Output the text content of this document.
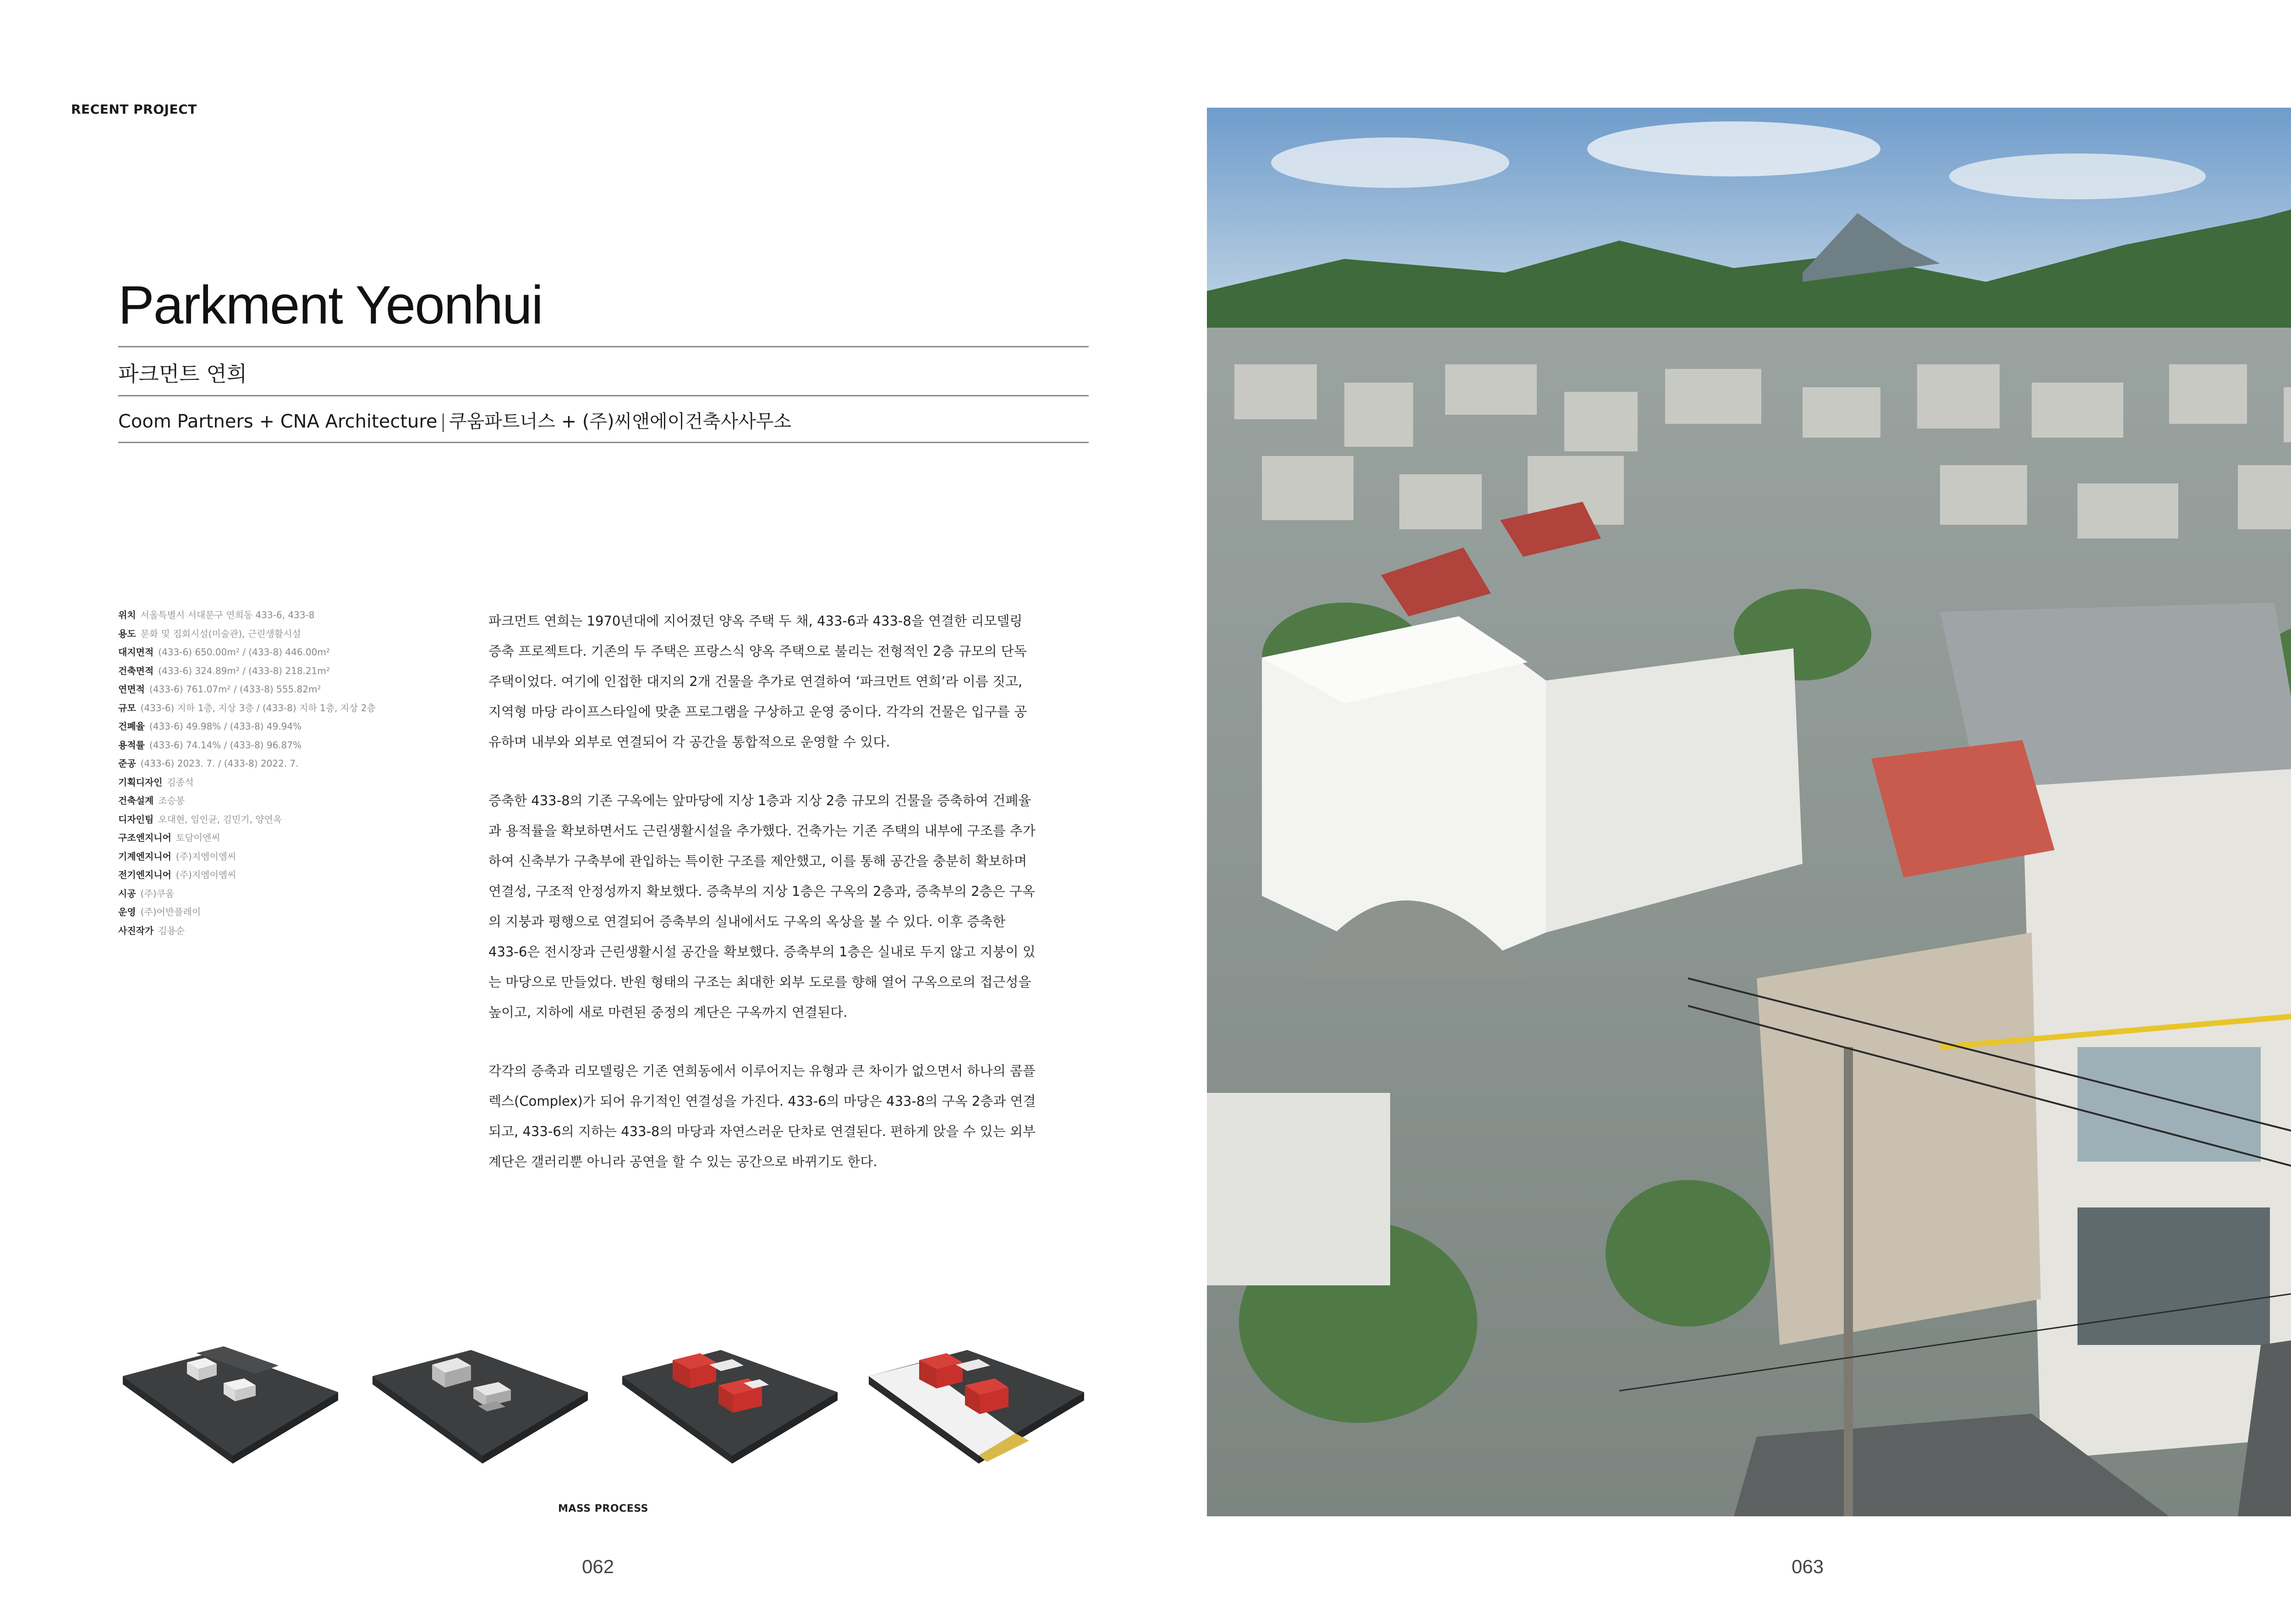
RECENT PROJECT
Parkment Yeonhui
파크먼트 연희
Coom Partners + CNA Architecture | 쿠움파트너스 + (주)씨앤에이건축사사무소
위치 서울특별시 서대문구 연희동 433-6, 433-8
용도 문화 및 집회시설(미술관), 근린생활시설
대지면적 (433-6) 650.00m² / (433-8) 446.00m²
건축면적 (433-6) 324.89m² / (433-8) 218.21m²
연면적 (433-6) 761.07m² / (433-8) 555.82m²
규모 (433-6) 지하 1층, 지상 3층 / (433-8) 지하 1층, 지상 2층
건폐율 (433-6) 49.98% / (433-8) 49.94%
용적률 (433-6) 74.14% / (433-8) 96.87%
준공 (433-6) 2023. 7. / (433-8) 2022. 7.
기획디자인 김종석
건축설계 조승봉
디자인팀 오대현, 임인균, 김민기, 양연옥
구조엔지니어 토담이엔씨
기계엔지니어 (주)지엠이엠씨
전기엔지니어 (주)지엠이엠씨
시공 (주)쿠움
운영 (주)어반플레이
사진작가 김용순

파크먼트 연희는 1970년대에 지어졌던 양옥 주택 두 채, 433-6과 433-8을 연결한 리모델링 증축 프로젝트다. 기존의 두 주택은 프랑스식 양옥 주택으로 불리는 전형적인 2층 규모의 단독주택이었다. 여기에 인접한 대지의 2개 건물을 추가로 연결하여 ‘파크먼트 연희’라 이름 짓고, 지역형 마당 라이프스타일에 맞춘 프로그램을 구상하고 운영 중이다. 각각의 건물은 입구를 공유하며 내부와 외부로 연결되어 각 공간을 통합적으로 운영할 수 있다.

증축한 433-8의 기존 구옥에는 앞마당에 지상 1층과 지상 2층 규모의 건물을 증축하여 건폐율과 용적률을 확보하면서도 근린생활시설을 추가했다. 건축가는 기존 주택의 내부에 구조를 추가하여 신축부가 구축부에 관입하는 특이한 구조를 제안했고, 이를 통해 공간을 충분히 확보하며 연결성, 구조적 안정성까지 확보했다. 증축부의 지상 1층은 구옥의 2층과, 증축부의 2층은 구옥의 지붕과 평행으로 연결되어 증축부의 실내에서도 구옥의 옥상을 볼 수 있다. 이후 증축한 433-6은 전시장과 근린생활시설 공간을 확보했다. 증축부의 1층은 실내로 두지 않고 지붕이 있는 마당으로 만들었다. 반원 형태의 구조는 최대한 외부 도로를 향해 열어 구옥으로의 접근성을 높이고, 지하에 새로 마련된 중정의 계단은 구옥까지 연결된다.

각각의 증축과 리모델링은 기존 연희동에서 이루어지는 유형과 큰 차이가 없으면서 하나의 콤플렉스(Complex)가 되어 유기적인 연결성을 가진다. 433-6의 마당은 433-8의 구옥 2층과 연결되고, 433-6의 지하는 433-8의 마당과 자연스러운 단차로 연결된다. 편하게 앉을 수 있는 외부 계단은 갤러리뿐 아니라 공연을 할 수 있는 공간으로 바뀌기도 한다.

MASS PROCESS
062	063
